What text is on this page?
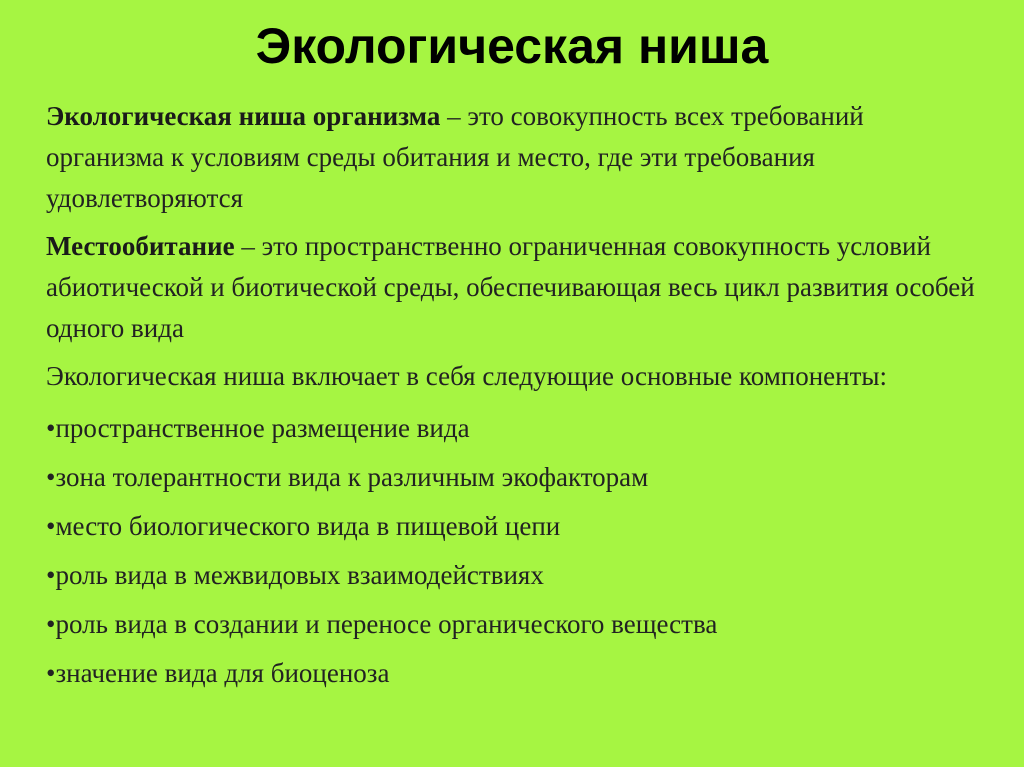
Экологическая ниша

Экологическая ниша организма – это совокупность всех требований организма к условиям среды обитания и место, где эти требования удовлетворяются

Местообитание – это пространственно ограниченная совокупность условий абиотической и биотической среды, обеспечивающая весь цикл развития особей одного вида

Экологическая ниша включает в себя следующие основные компоненты:

•пространственное размещение вида
•зона толерантности вида к различным экофакторам
•место биологического вида в пищевой цепи
•роль вида в межвидовых взаимодействиях
•роль вида в создании и переносе органического вещества
•значение вида для биоценоза
